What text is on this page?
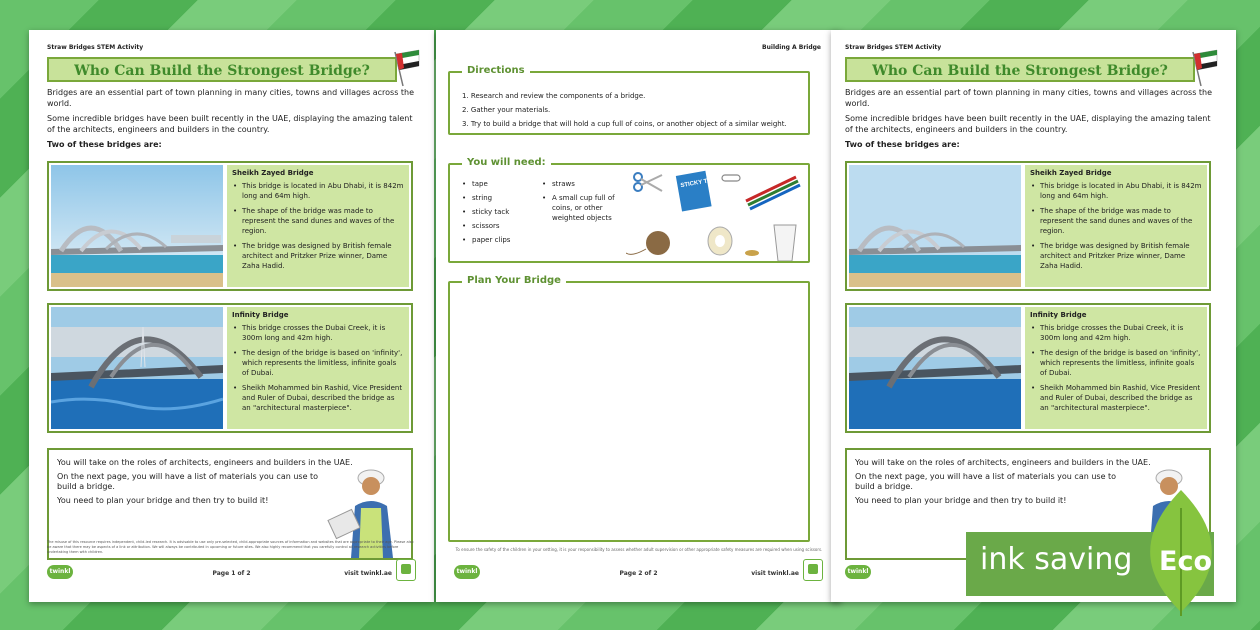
Straw Bridges STEM Activity
Who Can Build the Strongest Bridge?

Bridges are an essential part of town planning in many cities, towns and villages across the world.

Some incredible bridges have been built recently in the UAE, displaying the amazing talent of the architects, engineers and builders in the country.

Two of these bridges are:

Sheikh Zayed Bridge
• This bridge is located in Abu Dhabi, it is 842m long and 64m high.
• The shape of the bridge was made to represent the sand dunes and waves of the region.
• The bridge was designed by British female architect and Pritzker Prize winner, Dame Zaha Hadid.
Infinity Bridge
• This bridge crosses the Dubai Creek, it is 300m long and 42m high.
• The design of the bridge is based on 'infinity', which represents the limitless, infinite goals of Dubai.
• Sheikh Mohammed bin Rashid, Vice President and Ruler of Dubai, described the bridge as an "architectural masterpiece".

You will take on the roles of architects, engineers and builders in the UAE.

On the next page, you will have a list of materials you can use to build a bridge.

You need to plan your bridge and then try to build it!

twinkl	Page 1 of 2	visit twinkl.ae
The misuse of this resource requires independent, child-led research. It is advisable to use only pre-selected, child-appropriate sources of information and websites that are appropriate to their age. Please also be aware that there may be aspects of a link or attribution. We will always be contributed in upcoming or future sites. We also highly recommend that you carefully control all research activities before undertaking them with children.
Building A Bridge
Directions
1. Research and review the components of a bridge.
2. Gather your materials.
3. Try to build a bridge that will hold a cup full of coins, or another object of a similar weight.
You will need:
• tape
• string
• sticky tack
• scissors
• paper clips
• straws
• A small cup full of coins, or other weighted objects
STICKY TACK
Plan Your Bridge
To ensure the safety of the children in your setting, it is your responsibility to assess whether adult supervision or other appropriate safety measures are required when using scissors.
twinkl	Page 2 of 2	visit twinkl.ae
Straw Bridges STEM Activity
Who Can Build the Strongest Bridge?

Bridges are an essential part of town planning in many cities, towns and villages across the world.

Some incredible bridges have been built recently in the UAE, displaying the amazing talent of the architects, engineers and builders in the country.

Two of these bridges are:

Sheikh Zayed Bridge
• This bridge is located in Abu Dhabi, it is 842m long and 64m high.
• The shape of the bridge was made to represent the sand dunes and waves of the region.
• The bridge was designed by British female architect and Pritzker Prize winner, Dame Zaha Hadid.
Infinity Bridge
• This bridge crosses the Dubai Creek, it is 300m long and 42m high.
• The design of the bridge is based on 'infinity', which represents the limitless, infinite goals of Dubai.
• Sheikh Mohammed bin Rashid, Vice President and Ruler of Dubai, described the bridge as an "architectural masterpiece".

You will take on the roles of architects, engineers and builders in the UAE.

On the next page, you will have a list of materials you can use to build a bridge.

You need to plan your bridge and then try to build it!

twinkl	ink saving Eco
